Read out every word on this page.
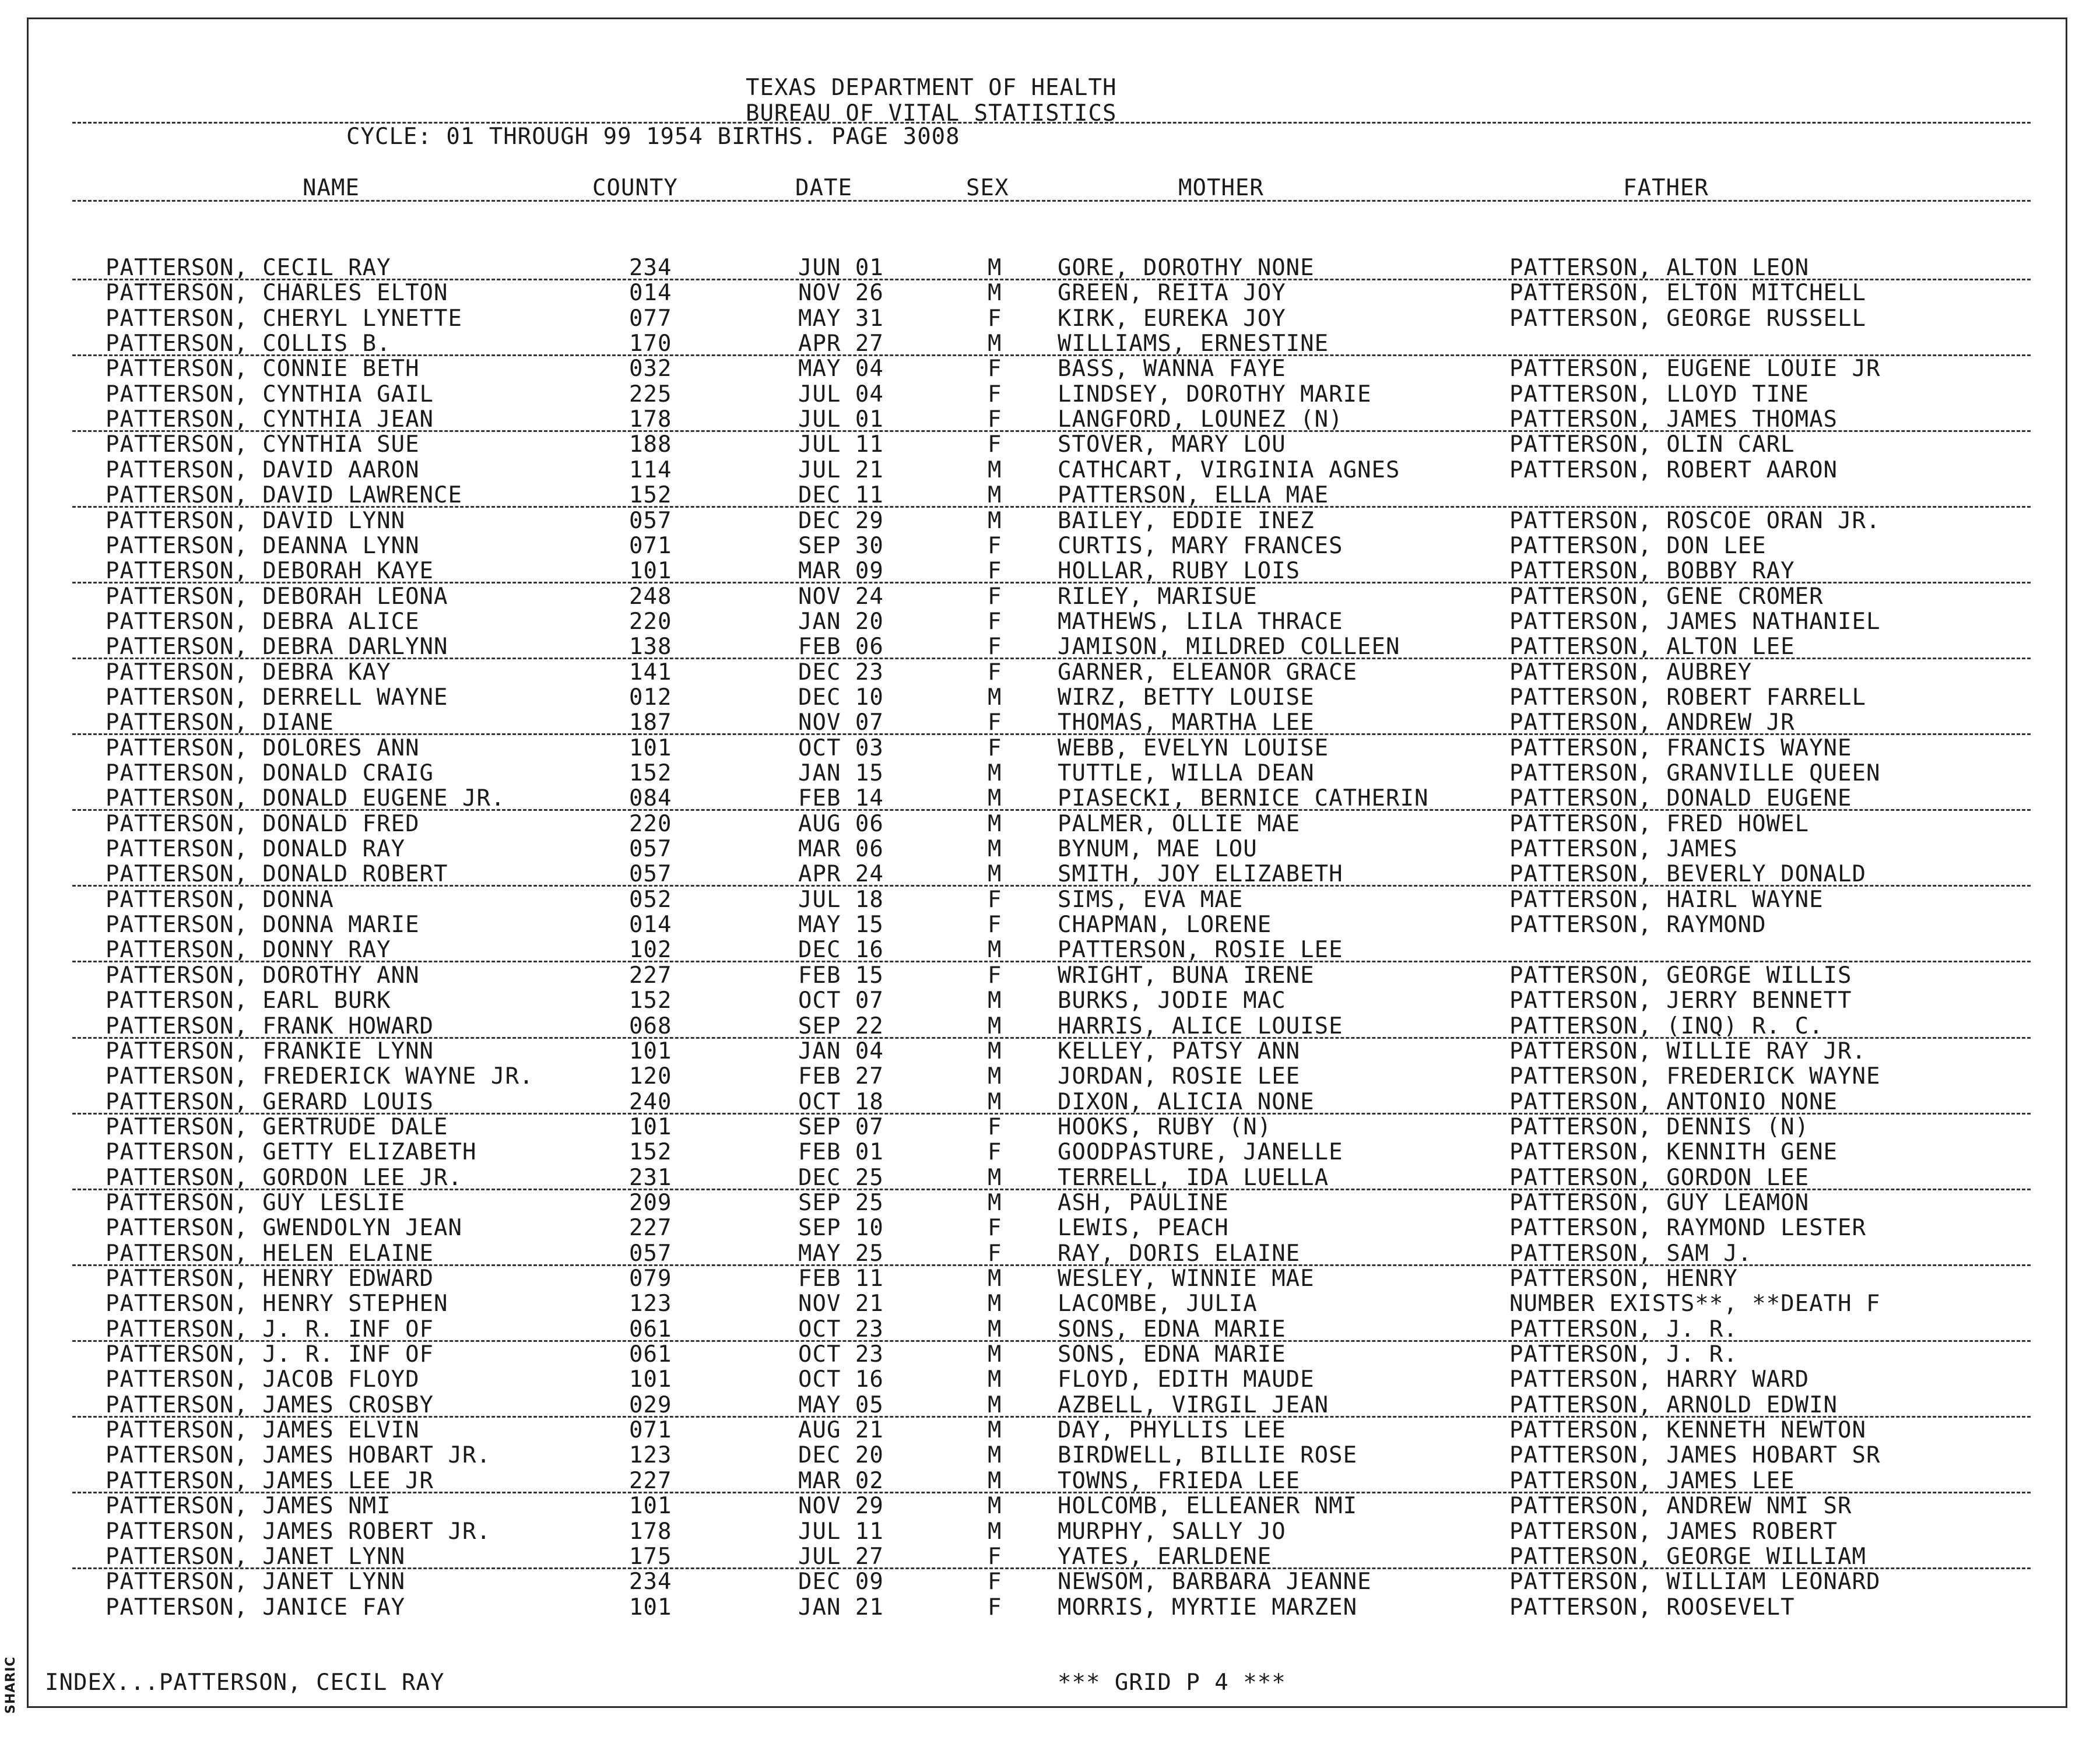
SHARIC
TEXAS DEPARTMENT OF HEALTH
BUREAU OF VITAL STATISTICS
CYCLE: 01 THROUGH 99 1954 BIRTHS. PAGE 3008
NAME	COUNTY	DATE	SEX	MOTHER	FATHER
PATTERSON, CECIL RAY	234	JUN 01	M GORE, DOROTHY NONE	PATTERSON, ALTON LEON
PATTERSON, CHARLES ELTON	014	NOV 26	M GREEN, REITA JOY	PATTERSON, ELTON MITCHELL
PATTERSON, CHERYL LYNETTE	077	MAY 31	F KIRK, EUREKA JOY	PATTERSON, GEORGE RUSSELL
PATTERSON, COLLIS B.	170	APR 27	M WILLIAMS, ERNESTINE
PATTERSON, CONNIE BETH	032	MAY 04	F BASS, WANNA FAYE	PATTERSON, EUGENE LOUIE JR
PATTERSON, CYNTHIA GAIL	225	JUL 04	F LINDSEY, DOROTHY MARIE	PATTERSON, LLOYD TINE
PATTERSON, CYNTHIA JEAN	178	JUL 01	F LANGFORD, LOUNEZ (N)	PATTERSON, JAMES THOMAS
PATTERSON, CYNTHIA SUE	188	JUL 11	F STOVER, MARY LOU	PATTERSON, OLIN CARL
PATTERSON, DAVID AARON	114	JUL 21	M CATHCART, VIRGINIA AGNES	PATTERSON, ROBERT AARON
PATTERSON, DAVID LAWRENCE	152	DEC 11	M PATTERSON, ELLA MAE
PATTERSON, DAVID LYNN	057	DEC 29	M BAILEY, EDDIE INEZ	PATTERSON, ROSCOE ORAN JR.
PATTERSON, DEANNA LYNN	071	SEP 30	F CURTIS, MARY FRANCES	PATTERSON, DON LEE
PATTERSON, DEBORAH KAYE	101	MAR 09	F HOLLAR, RUBY LOIS	PATTERSON, BOBBY RAY
PATTERSON, DEBORAH LEONA	248	NOV 24	F RILEY, MARISUE	PATTERSON, GENE CROMER
PATTERSON, DEBRA ALICE	220	JAN 20	F MATHEWS, LILA THRACE	PATTERSON, JAMES NATHANIEL
PATTERSON, DEBRA DARLYNN	138	FEB 06	F JAMISON, MILDRED COLLEEN	PATTERSON, ALTON LEE
PATTERSON, DEBRA KAY	141	DEC 23	F GARNER, ELEANOR GRACE	PATTERSON, AUBREY
PATTERSON, DERRELL WAYNE	012	DEC 10	M WIRZ, BETTY LOUISE	PATTERSON, ROBERT FARRELL
PATTERSON, DIANE	187	NOV 07	F THOMAS, MARTHA LEE	PATTERSON, ANDREW JR
PATTERSON, DOLORES ANN	101	OCT 03	F WEBB, EVELYN LOUISE	PATTERSON, FRANCIS WAYNE
PATTERSON, DONALD CRAIG	152	JAN 15	M TUTTLE, WILLA DEAN	PATTERSON, GRANVILLE QUEEN
PATTERSON, DONALD EUGENE JR.	084	FEB 14	M PIASECKI, BERNICE CATHERIN	PATTERSON, DONALD EUGENE
PATTERSON, DONALD FRED	220	AUG 06	M PALMER, OLLIE MAE	PATTERSON, FRED HOWEL
PATTERSON, DONALD RAY	057	MAR 06	M BYNUM, MAE LOU	PATTERSON, JAMES
PATTERSON, DONALD ROBERT	057	APR 24	M SMITH, JOY ELIZABETH	PATTERSON, BEVERLY DONALD
PATTERSON, DONNA	052	JUL 18	F SIMS, EVA MAE	PATTERSON, HAIRL WAYNE
PATTERSON, DONNA MARIE	014	MAY 15	F CHAPMAN, LORENE	PATTERSON, RAYMOND
PATTERSON, DONNY RAY	102	DEC 16	M PATTERSON, ROSIE LEE
PATTERSON, DOROTHY ANN	227	FEB 15	F WRIGHT, BUNA IRENE	PATTERSON, GEORGE WILLIS
PATTERSON, EARL BURK	152	OCT 07	M BURKS, JODIE MAC	PATTERSON, JERRY BENNETT
PATTERSON, FRANK HOWARD	068	SEP 22	M HARRIS, ALICE LOUISE	PATTERSON, (INQ) R. C.
PATTERSON, FRANKIE LYNN	101	JAN 04	M KELLEY, PATSY ANN	PATTERSON, WILLIE RAY JR.
PATTERSON, FREDERICK WAYNE JR.	120	FEB 27	M JORDAN, ROSIE LEE	PATTERSON, FREDERICK WAYNE
PATTERSON, GERARD LOUIS	240	OCT 18	M DIXON, ALICIA NONE	PATTERSON, ANTONIO NONE
PATTERSON, GERTRUDE DALE	101	SEP 07	F HOOKS, RUBY (N)	PATTERSON, DENNIS (N)
PATTERSON, GETTY ELIZABETH	152	FEB 01	F GOODPASTURE, JANELLE	PATTERSON, KENNITH GENE
PATTERSON, GORDON LEE JR.	231	DEC 25	M TERRELL, IDA LUELLA	PATTERSON, GORDON LEE
PATTERSON, GUY LESLIE	209	SEP 25	M ASH, PAULINE	PATTERSON, GUY LEAMON
PATTERSON, GWENDOLYN JEAN	227	SEP 10	F LEWIS, PEACH	PATTERSON, RAYMOND LESTER
PATTERSON, HELEN ELAINE	057	MAY 25	F RAY, DORIS ELAINE	PATTERSON, SAM J.
PATTERSON, HENRY EDWARD	079	FEB 11	M WESLEY, WINNIE MAE	PATTERSON, HENRY
PATTERSON, HENRY STEPHEN	123	NOV 21	M LACOMBE, JULIA	NUMBER EXISTS**, **DEATH F
PATTERSON, J. R. INF OF	061	OCT 23	M SONS, EDNA MARIE	PATTERSON, J. R.
PATTERSON, J. R. INF OF	061	OCT 23	M SONS, EDNA MARIE	PATTERSON, J. R.
PATTERSON, JACOB FLOYD	101	OCT 16	M FLOYD, EDITH MAUDE	PATTERSON, HARRY WARD
PATTERSON, JAMES CROSBY	029	MAY 05	M AZBELL, VIRGIL JEAN	PATTERSON, ARNOLD EDWIN
PATTERSON, JAMES ELVIN	071	AUG 21	M DAY, PHYLLIS LEE	PATTERSON, KENNETH NEWTON
PATTERSON, JAMES HOBART JR.	123	DEC 20	M BIRDWELL, BILLIE ROSE	PATTERSON, JAMES HOBART SR
PATTERSON, JAMES LEE JR	227	MAR 02	M TOWNS, FRIEDA LEE	PATTERSON, JAMES LEE
PATTERSON, JAMES NMI	101	NOV 29	M HOLCOMB, ELLEANER NMI	PATTERSON, ANDREW NMI SR
PATTERSON, JAMES ROBERT JR.	178	JUL 11	M MURPHY, SALLY JO	PATTERSON, JAMES ROBERT
PATTERSON, JANET LYNN	175	JUL 27	F YATES, EARLDENE	PATTERSON, GEORGE WILLIAM
PATTERSON, JANET LYNN	234	DEC 09	F NEWSOM, BARBARA JEANNE	PATTERSON, WILLIAM LEONARD
PATTERSON, JANICE FAY	101	JAN 21	F MORRIS, MYRTIE MARZEN	PATTERSON, ROOSEVELT
INDEX...PATTERSON, CECIL RAY	*** GRID P 4 ***
